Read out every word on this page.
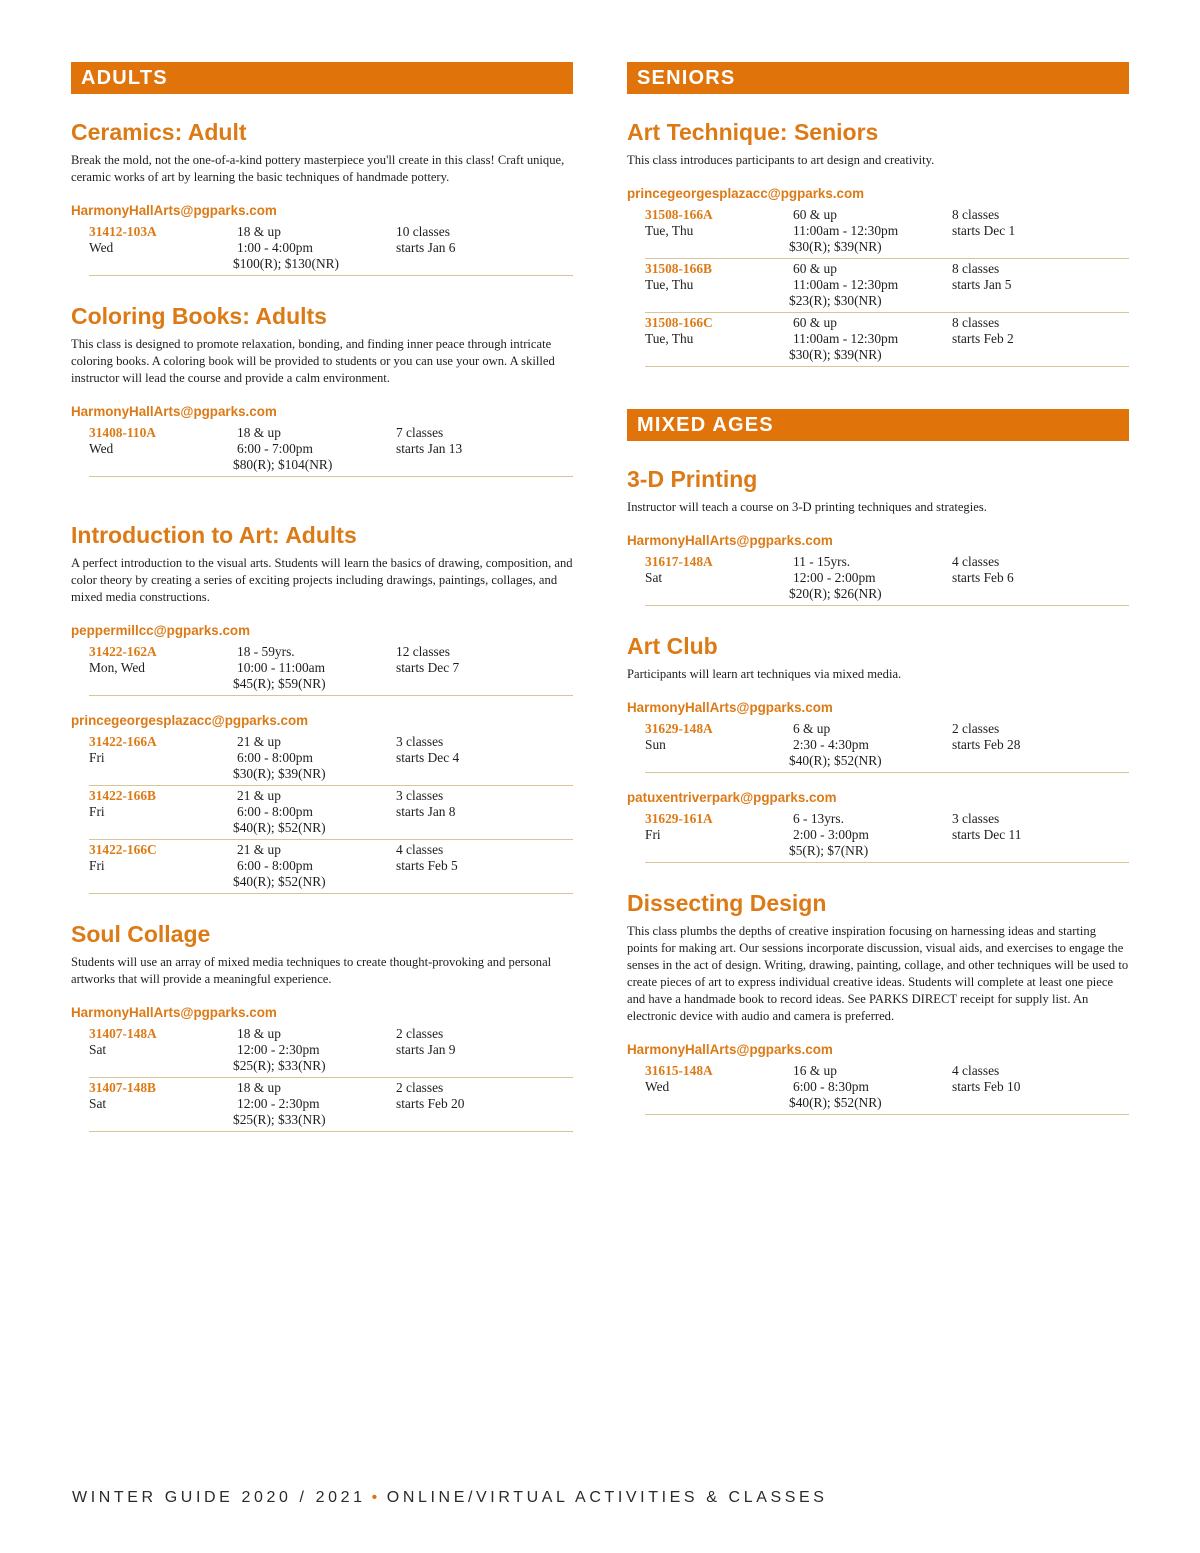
ADULTS
Ceramics: Adult

Break the mold, not the one-of-a-kind pottery masterpiece you'll create in this class! Craft unique, ceramic works of art by learning the basic techniques of handmade pottery.

HarmonyHallArts@pgparks.com
31412-103A
Wed
18 & up
1:00 - 4:00pm
$100(R); $130(NR)
10 classes
starts Jan 6
Coloring Books: Adults

This class is designed to promote relaxation, bonding, and finding inner peace through intricate coloring books. A coloring book will be provided to students or you can use your own. A skilled instructor will lead the course and provide a calm environment.

HarmonyHallArts@pgparks.com
31408-110A
Wed
18 & up
6:00 - 7:00pm
$80(R); $104(NR)
7 classes
starts Jan 13
Introduction to Art: Adults

A perfect introduction to the visual arts. Students will learn the basics of drawing, composition, and color theory by creating a series of exciting projects including drawings, paintings, collages, and mixed media constructions.

peppermillcc@pgparks.com
31422-162A
Mon, Wed
18 - 59yrs.
10:00 - 11:00am
$45(R); $59(NR)
12 classes
starts Dec 7
princegeorgesplazacc@pgparks.com
31422-166A
Fri
21 & up
6:00 - 8:00pm
$30(R); $39(NR)
3 classes
starts Dec 4
31422-166B
Fri
21 & up
6:00 - 8:00pm
$40(R); $52(NR)
3 classes
starts Jan 8
31422-166C
Fri
21 & up
6:00 - 8:00pm
$40(R); $52(NR)
4 classes
starts Feb 5
Soul Collage

Students will use an array of mixed media techniques to create thought-provoking and personal artworks that will provide a meaningful experience.

HarmonyHallArts@pgparks.com
31407-148A
Sat
18 & up
12:00 - 2:30pm
$25(R); $33(NR)
2 classes
starts Jan 9
31407-148B
Sat
18 & up
12:00 - 2:30pm
$25(R); $33(NR)
2 classes
starts Feb 20
SENIORS
Art Technique: Seniors

This class introduces participants to art design and creativity.

princegeorgesplazacc@pgparks.com
31508-166A
Tue, Thu
60 & up
11:00am - 12:30pm
$30(R); $39(NR)
8 classes
starts Dec 1
31508-166B
Tue, Thu
60 & up
11:00am - 12:30pm
$23(R); $30(NR)
8 classes
starts Jan 5
31508-166C
Tue, Thu
60 & up
11:00am - 12:30pm
$30(R); $39(NR)
8 classes
starts Feb 2
MIXED AGES
3-D Printing

Instructor will teach a course on 3-D printing techniques and strategies.

HarmonyHallArts@pgparks.com
31617-148A
Sat
11 - 15yrs.
12:00 - 2:00pm
$20(R); $26(NR)
4 classes
starts Feb 6
Art Club

Participants will learn art techniques via mixed media.

HarmonyHallArts@pgparks.com
31629-148A
Sun
6 & up
2:30 - 4:30pm
$40(R); $52(NR)
2 classes
starts Feb 28
patuxentriverpark@pgparks.com
31629-161A
Fri
6 - 13yrs.
2:00 - 3:00pm
$5(R); $7(NR)
3 classes
starts Dec 11
Dissecting Design

This class plumbs the depths of creative inspiration focusing on harnessing ideas and starting points for making art. Our sessions incorporate discussion, visual aids, and exercises to engage the senses in the act of design. Writing, drawing, painting, collage, and other techniques will be used to create pieces of art to express individual creative ideas. Students will complete at least one piece and have a handmade book to record ideas. See PARKS DIRECT receipt for supply list. An electronic device with audio and camera is preferred.

HarmonyHallArts@pgparks.com
31615-148A
Wed
16 & up
6:00 - 8:30pm
$40(R); $52(NR)
4 classes
starts Feb 10
WINTER GUIDE 2020 / 2021 • ONLINE/VIRTUAL ACTIVITIES & CLASSES
